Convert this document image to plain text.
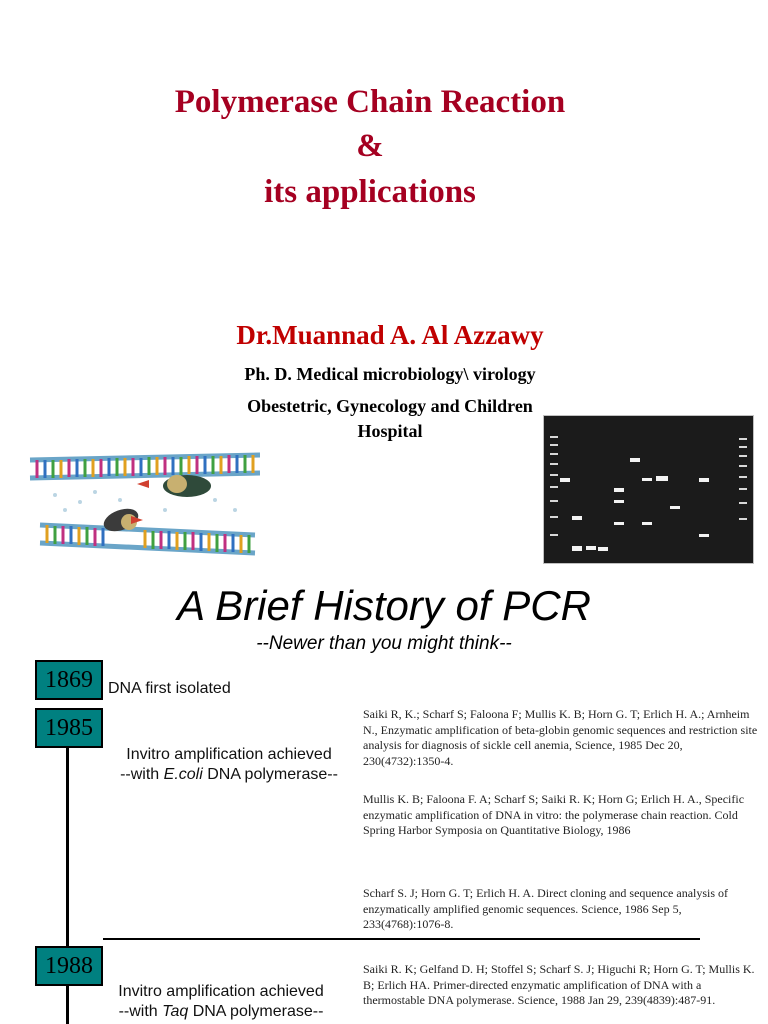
Polymerase Chain Reaction
&
its applications
Dr.Muannad A. Al Azzawy
Ph. D. Medical microbiology\ virology
Obestetric, Gynecology and Children
Hospital
A Brief History of PCR
--Newer than you might think--
1869 DNA first isolated
1985
Invitro amplification achieved
--with E.coli DNA polymerase--
1988
Invitro amplification achieved
--with Taq DNA polymerase--
Saiki R, K.; Scharf S; Faloona F; Mullis K. B; Horn G. T; Erlich H. A.; Arnheim N., Enzymatic amplification of beta-globin genomic sequences and restriction site analysis for diagnosis of sickle cell anemia, Science, 1985 Dec 20, 230(4732):1350-4.
Mullis K. B; Faloona F. A; Scharf S; Saiki R. K; Horn G; Erlich H. A., Specific enzymatic amplification of DNA in vitro: the polymerase chain reaction. Cold Spring Harbor Symposia on Quantitative Biology, 1986
Scharf S. J; Horn G. T; Erlich H. A. Direct cloning and sequence analysis of enzymatically amplified genomic sequences. Science, 1986 Sep 5, 233(4768):1076-8.
Saiki R. K; Gelfand D. H; Stoffel S; Scharf S. J; Higuchi R; Horn G. T; Mullis K. B; Erlich HA. Primer-directed enzymatic amplification of DNA with a thermostable DNA polymerase. Science, 1988 Jan 29, 239(4839):487-91.
